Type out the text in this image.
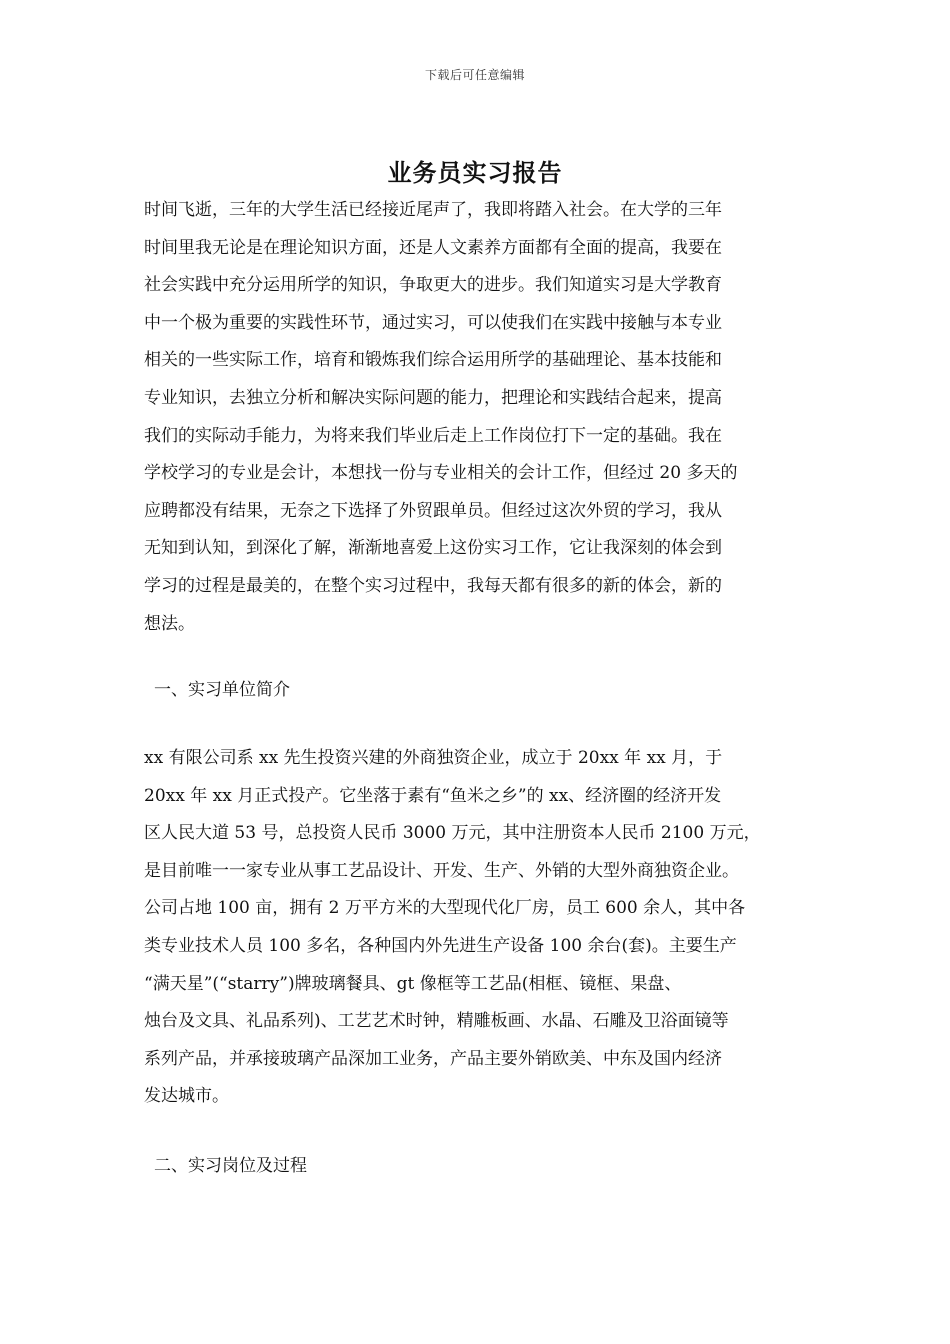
下载后可任意编辑
业务员实习报告
时间飞逝，三年的大学生活已经接近尾声了，我即将踏入社会。在大学的三年
时间里我无论是在理论知识方面，还是人文素养方面都有全面的提高，我要在
社会实践中充分运用所学的知识，争取更大的进步。我们知道实习是大学教育
中一个极为重要的实践性环节，通过实习，可以使我们在实践中接触与本专业
相关的一些实际工作，培育和锻炼我们综合运用所学的基础理论、基本技能和
专业知识，去独立分析和解决实际问题的能力，把理论和实践结合起来，提高
我们的实际动手能力，为将来我们毕业后走上工作岗位打下一定的基础。我在
学校学习的专业是会计，本想找一份与专业相关的会计工作，但经过 20 多天的
应聘都没有结果，无奈之下选择了外贸跟单员。但经过这次外贸的学习，我从
无知到认知，到深化了解，渐渐地喜爱上这份实习工作，它让我深刻的体会到
学习的过程是最美的，在整个实习过程中，我每天都有很多的新的体会，新的
想法。
一、实习单位简介
xx 有限公司系 xx 先生投资兴建的外商独资企业，成立于 20xx 年 xx 月，于
20xx 年 xx 月正式投产。它坐落于素有“鱼米之乡”的 xx、经济圈的经济开发
区人民大道 53 号，总投资人民币 3000 万元，其中注册资本人民币 2100 万元，
是目前唯一一家专业从事工艺品设计、开发、生产、外销的大型外商独资企业。
公司占地 100 亩，拥有 2 万平方米的大型现代化厂房，员工 600 余人，其中各
类专业技术人员 100 多名，各种国内外先进生产设备 100 余台(套)。主要生产
“满天星”(“starry”)牌玻璃餐具、gt 像框等工艺品(相框、镜框、果盘、
烛台及文具、礼品系列)、工艺艺术时钟，精雕板画、水晶、石雕及卫浴面镜等
系列产品，并承接玻璃产品深加工业务，产品主要外销欧美、中东及国内经济
发达城市。
二、实习岗位及过程
